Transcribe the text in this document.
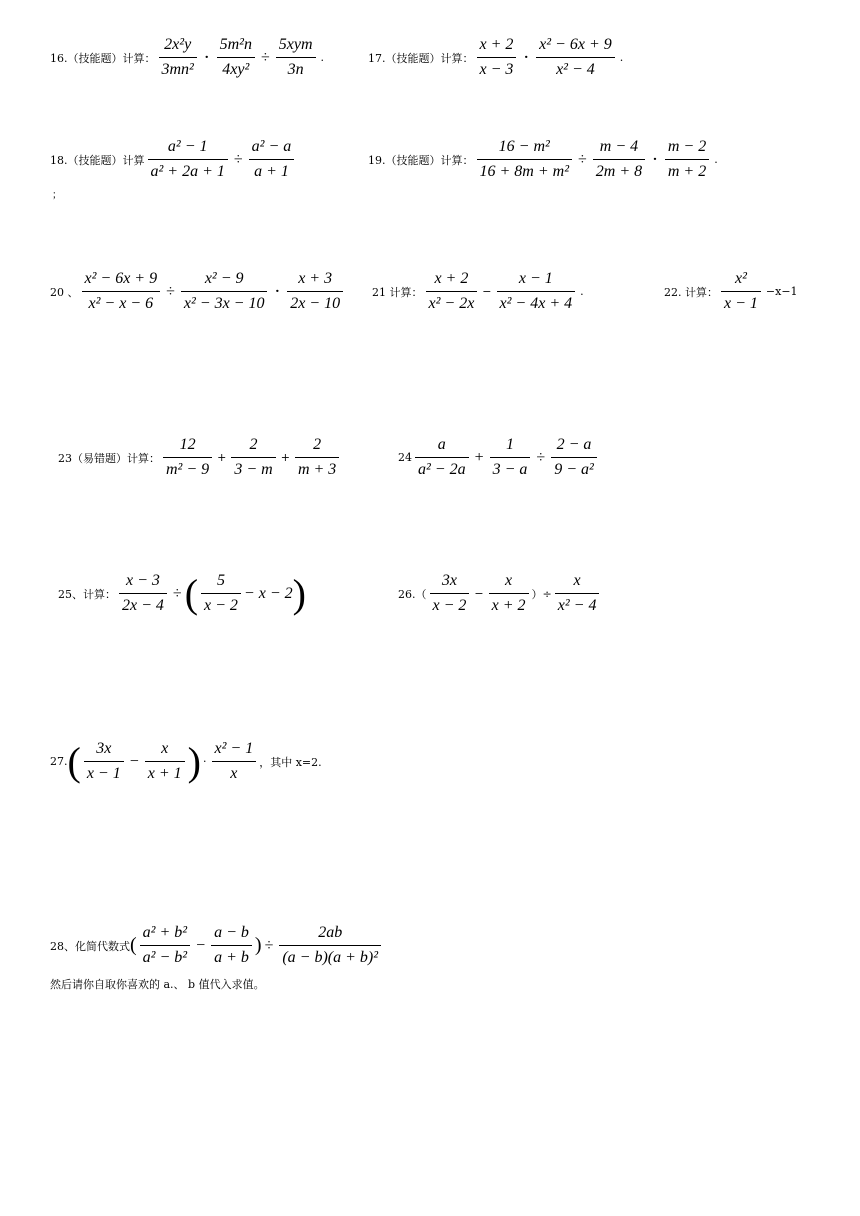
16.（技能题）计算： $\frac{\text{2x²y}}{\text{3mn²}} \cdot \frac{\text{5m²n}}{\text{4xy²}} \div \frac{\text{5xym}}{3n}$ .	17.（技能题）计算： $\frac{x + 2}{x - 3} \cdot \frac{\text{x² − 6x + 9}}{\text{x² − 4}}$ .
18.（技能题）计算 $\frac{\text{a² − 1}}{\text{a² + 2a + 1}} \div \frac{\text{a² − a}}{a + 1}$
；
19.（技能题）计算： $\frac{\text{16 − m²}}{\text{16 + 8m + m²}} \div \frac{m - 4}{2m + 8} \cdot \frac{m - 2}{m + 2}$ .
20 、 $\frac{\text{x² − 6x + 9}}{\text{x² − x − 6}} \div \frac{\text{x² − 9}}{\text{x² − 3x − 10}} \cdot \frac{x + 3}{2x - 10}$	21 计算： $\frac{x + 2}{\text{x² − 2x}} - \frac{x - 1}{\text{x² − 4x + 4}}$ .	22. 计算： $\frac{\text{x²}}{x - 1} -x-1$
23（易错题）计算： $\frac{12}{\text{m² − 9}} + \frac{2}{3 - m} + \frac{2}{m + 3}$	$24 \frac{a}{\text{a² − 2a}} + \frac{1}{3 - a} \div \frac{2 - a}{\text{9 − a²}}$
25、计算： $\frac{x - 3}{2x - 4}$ ÷ ( $\frac{5}{x - 2} - x - 2$ )	$26.( \frac{3x}{x - 2} - \frac{x}{x + 2}$ ）÷ $\frac{x}{\text{x² − 4}}$
27. ( $\frac{3x}{x - 1} - \frac{x}{x + 1}$ ) · $\frac{\text{x² − 1}}{x}$ ，其中 x=2.
28、化简代数式 ( $\frac{\text{a² + b²}}{\text{a² − b²}} - \frac{a - b}{a + b}$ ) ÷ $\frac{2ab}{\text{(a − b)(a + b)²}}$
然后请你自取你喜欢的 a.、 b 值代入求值。
